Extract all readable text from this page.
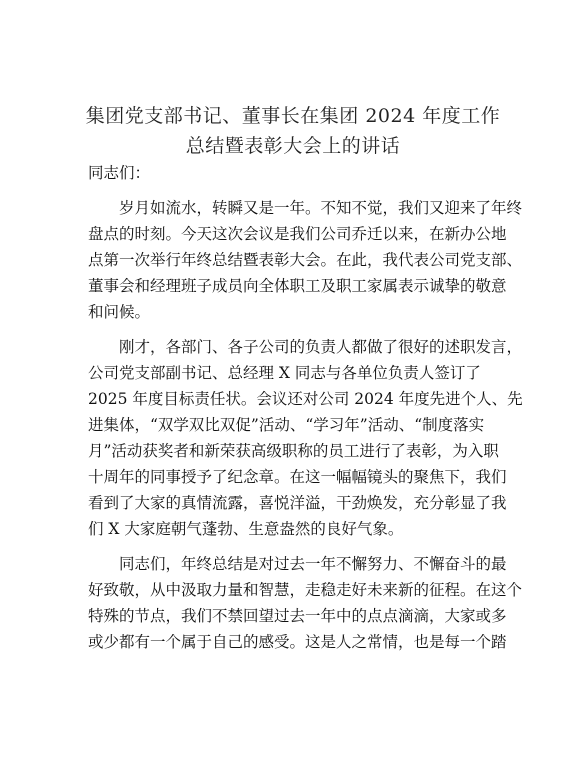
集团党支部书记、董事长在集团 2024 年度工作
总结暨表彰大会上的讲话
同志们：
　　岁月如流水，转瞬又是一年。不知不觉，我们又迎来了年终
盘点的时刻。今天这次会议是我们公司乔迁以来，在新办公地
点第一次举行年终总结暨表彰大会。在此，我代表公司党支部、
董事会和经理班子成员向全体职工及职工家属表示诚挚的敬意
和问候。
　　刚才，各部门、各子公司的负责人都做了很好的述职发言，
公司党支部副书记、总经理 X 同志与各单位负责人签订了
2025 年度目标责任状。会议还对公司 2024 年度先进个人、先
进集体，“双学双比双促”活动、“学习年”活动、“制度落实
月”活动获奖者和新荣获高级职称的员工进行了表彰，为入职
十周年的同事授予了纪念章。在这一幅幅镜头的聚焦下，我们
看到了大家的真情流露，喜悦洋溢，干劲焕发，充分彰显了我
们 X 大家庭朝气蓬勃、生意盎然的良好气象。
　　同志们，年终总结是对过去一年不懈努力、不懈奋斗的最
好致敬，从中汲取力量和智慧，走稳走好未来新的征程。在这个
特殊的节点，我们不禁回望过去一年中的点点滴滴，大家或多
或少都有一个属于自己的感受。这是人之常情，也是每一个踏
